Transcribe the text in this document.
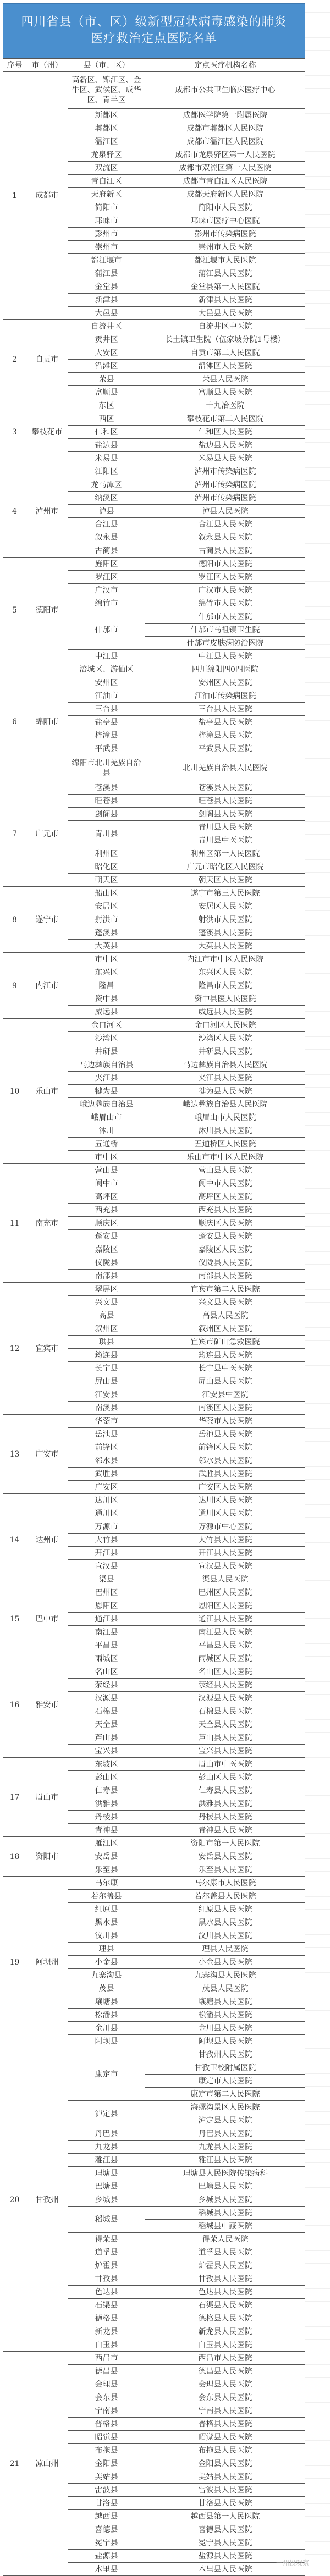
四川省县（市、区）级新型冠状病毒感染的肺炎
医疗救治定点医院名单
序号	市（州）	县（市、区）	定点医疗机构名称
1	成都市	高新区、锦江区、金牛区、武侯区、成华区、青羊区	成都市公共卫生临床医疗中心
		新都区	成都医学院第一附属医院
		郫都区	成都市郫都区人民医院
		温江区	成都市温江区人民医院
		龙泉驿区	成都市龙泉驿区第一人民医院
		双流区	成都市双流区第一人民医院
		青白江区	成都市青白江区人民医院
		天府新区	成都天府新区人民医院
		简阳市	简阳市人民医院
		邛崃市	邛崃市医疗中心医院
		彭州市	彭州市传染病医院
		崇州市	崇州市人民医院
		都江堰市	都江堰市人民医院
		蒲江县	蒲江县人民医院
		金堂县	金堂县第一人民医院
		新津县	新津县人民医院
		大邑县	大邑县人民医院
2	自贡市	自流井区	自流井区中医院
		贡井区	长土镇卫生院（伍家坡分院1号楼）
		大安区	自贡市第二人民医院
		沿滩区	沿滩区人民医院
		荣县	荣县人民医院
		富顺县	富顺县人民医院
3	攀枝花市	东区	十九冶医院
		西区	攀枝花市第二人民医院
		仁和区	仁和区人民医院
		盐边县	盐边县人民医院
		米易县	米易县人民医院
4	泸州市	江阳区	泸州市传染病医院
		龙马潭区	泸州市传染病医院
		纳溪区	泸州市传染病医院
		泸县	泸县人民医院
		合江县	合江县人民医院
		叙永县	叙永县人民医院
		古蔺县	古蔺县人民医院
5	德阳市	旌阳区	德阳市人民医院
		罗江区	罗江区人民医院
		广汉市	广汉市人民医院
		绵竹市	绵竹市人民医院
		什邡市	什邡市人民医院
			什邡市马祖镇卫生院
			什邡市皮肤病防治医院
		中江县	中江县人民医院
6	绵阳市	涪城区、游仙区	四川绵阳四0四医院
		安州区	安州区人民医院
		江油市	江油市传染病医院
		三台县	三台县人民医院
		盐亭县	盐亭县人民医院
		梓潼县	梓潼县人民医院
		平武县	平武县人民医院
		绵阳市北川羌族自治县	北川羌族自治县人民医院
7	广元市	苍溪县	苍溪县人民医院
		旺苍县	旺苍县人民医院
		剑阁县	剑阁县人民医院
		青川县	青川县人民医院
			青川县中医医院
		利州区	利州区第一人民医院
		昭化区	广元市昭化区人民医院
		朝天区	朝天区人民医院
8	遂宁市	船山区	遂宁市第三人民医院
		安居区	安居区人民医院
		射洪市	射洪市人民医院
		蓬溪县	蓬溪县人民医院
		大英县	大英县人民医院
9	内江市	市中区	内江市市中区人民医院
		东兴区	东兴区人民医院
		隆昌	隆昌市人民医院
		资中县	资中县医人民医院
		威远县	威远县人民医院
10	乐山市	金口河区	金口河区人民医院
		沙湾区	沙湾区人民医院
		井研县	井研县人民医院
		马边彝族自治县	马边彝族自治县人民医院
		夹江县	夹江县人民医院
		犍为县	犍为县人民医院
		峨边彝族自治县	峨边彝族自治县人民医院
		峨眉山市	峨眉山市人民医院
		沐川	沐川县人民医院
		五通桥	五通桥区人民医院
		市中区	乐山市市中区人民医院
11	南充市	营山县	营山县人民医院
		阆中市	阆中市人民医院
		高坪区	高坪区人民医院
		西充县	西充县人民医院
		顺庆区	顺庆区人民医院
		蓬安县	蓬安县人民医院
		嘉陵区	嘉陵区人民医院
		仪陇县	仪陇县人民医院
		南部县	南部县人民医院
12	宜宾市	翠屏区	宜宾市第二人民医院
		兴文县	兴文县人民医院
		高县	高县人民医院
		叙州区	叙州区人民医院
		珙县	宜宾市矿山急救医院
		筠连县	筠连县人民医院
		长宁县	长宁县中医医院
		屏山县	屏山县人民医院
		江安县	江安县中医院
		南溪县	南溪区人民医院
13	广安市	华蓥市	华蓥市人民医院
		岳池县	岳池县人民医院
		前锋区	前锋区人民医院
		邻水县	邻水县人民医院
		武胜县	武胜县人民医院
		广安区	广安区人民医院
14	达州市	达川区	达川区人民医院
		通川区	通川区人民医院
		万源市	万源市中心医院
		大竹县	大竹县人民医院
		开江县	开江县人民医院
		宣汉县	宣汉县人民医院
		渠县	渠县人民医院
15	巴中市	巴州区	巴州区人民医院
		恩阳区	恩阳区人民医院
		通江县	通江县人民医院
		南江县	南江县人民医院
		平昌县	平昌县人民医院
16	雅安市	雨城区	雨城区人民医院
		名山区	名山区人民医院
		荥经县	荥经县人民医院
		汉源县	汉源县人民医院
		石棉县	石棉县人民医院
		天全县	天全县人民医院
		芦山县	芦山县人民医院
		宝兴县	宝兴县人民医院
17	眉山市	东坡区	眉山市中医医院
		彭山区	彭山区人民医院
		仁寿县	仁寿县人民医院
		洪雅县	洪雅县人民医院
		丹棱县	丹棱县人民医院
		青神县	青神县人民医院
18	资阳市	雁江区	资阳市第一人民医院
		安岳县	安岳县人民医院
		乐至县	乐至县人民医院
19	阿坝州	马尔康	马尔康市人民医院
		若尔盖县	若尔盖县人民医院
		红原县	红原县人民医院
		黑水县	黑水县人民医院
		汶川县	汶川县人民医院
		理县	理县人民医院
		小金县	小金县人民医院
		九寨沟县	九寨沟县人民医院
		茂县	茂县人民医院
		壤塘县	壤塘县人民医院
		松潘县	松潘县人民医院
		金川县	金川县人民医院
		阿坝县	阿坝县人民医院
20	甘孜州	康定市	甘孜州人民医院
			甘孜卫校附属医院
			康定市人民医院
			康定市第二人民医院
		泸定县	海螺沟景区人民医院
			泸定县人民医院
		丹巴县	丹巴县人民医院
		九龙县	九龙县人民医院
		雅江县	雅江县人民医院
		理塘县	理塘县人民医院传染病科
		巴塘县	巴塘县人民医院
		乡城县	乡城县人民医院
		稻城县	稻城县人民医院
			稻城县中藏医院
		得荣县	得荣人民医院
		道孚县	道孚县人民医院
		炉霍县	炉霍县人民医院
		甘孜县	甘孜县人民医院
		色达县	色达县人民医院
		石渠县	石渠县人民医院
		德格县	德格县人民医院
		新龙县	新龙县人民医院
		白玉县	白玉县人民医院
21	凉山州	西昌市	西昌市人民医院
		德昌县	德昌县人民医院
		会理县	会理县人民医院
		会东县	会东县人民医院
		宁南县	宁南县人民医院
		普格县	普格县人民医院
		昭觉县	昭觉县人民医院
		布拖县	布拖县人民医院
		金阳县	金阳县人民医院
		美姑县	美姑县人民医院
		雷波县	雷波县人民医院
		甘洛县	甘洛县人民医院
		越西县	越西县第一人民医院
		喜德县	喜德县人民医院
		冕宁县	冕宁县人民医院
		盐源县	盐源县人民医院
		木里县	木里县人民医院
一州投观察
